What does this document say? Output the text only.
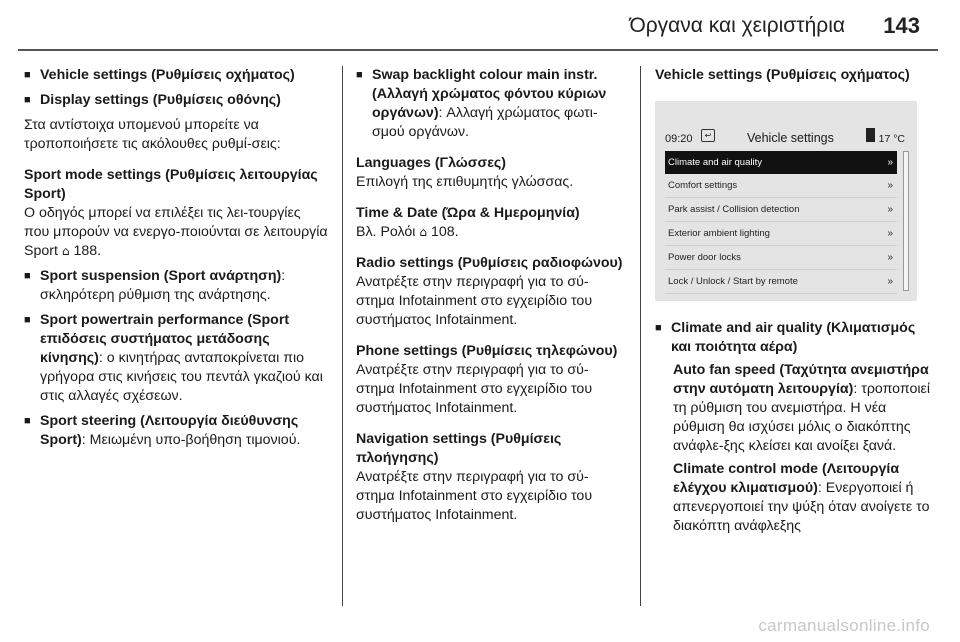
Όργανα και χειριστήρια 143
■ Vehicle settings (Ρυθμίσεις οχήματος)
■ Display settings (Ρυθμίσεις οθόνης)

Στα αντίστοιχα υπομενού μπορείτε να τροποποιήσετε τις ακόλουθες ρυθμί-σεις:

Sport mode settings (Ρυθμίσεις λειτουργίας Sport)

Ο οδηγός μπορεί να επιλέξει τις λει-τουργίες που μπορούν να ενεργο-ποιούνται σε λειτουργία Sport ⌂ 188.

■ Sport suspension (Sport ανάρτηση): σκληρότερη ρύθμιση της ανάρτησης.
■ Sport powertrain performance (Sport επιδόσεις συστήματος μετάδοσης κίνησης): ο κινητήρας ανταποκρίνεται πιο γρήγορα στις κινήσεις του πεντάλ γκαζιού και στις αλλαγές σχέσεων.
■ Sport steering (Λειτουργία διεύθυνσης Sport): Μειωμένη υπο-βοήθηση τιμονιού.
■ Swap backlight colour main instr. (Αλλαγή χρώματος φόντου κύριων οργάνων): Αλλαγή χρώματος φωτι-σμού οργάνων.

Languages (Γλώσσες)

Επιλογή της επιθυμητής γλώσσας.

Time & Date (Ώρα & Ημερομηνία)

Βλ. Ρολόι ⌂ 108.

Radio settings (Ρυθμίσεις ραδιοφώνου)

Ανατρέξτε στην περιγραφή για το σύ-στημα Infotainment στο εγχειρίδιο του συστήματος Infotainment.

Phone settings (Ρυθμίσεις τηλεφώνου)

Ανατρέξτε στην περιγραφή για το σύ-στημα Infotainment στο εγχειρίδιο του συστήματος Infotainment.

Navigation settings (Ρυθμίσεις πλοήγησης)

Ανατρέξτε στην περιγραφή για το σύ-στημα Infotainment στο εγχειρίδιο του συστήματος Infotainment.

Vehicle settings (Ρυθμίσεις οχήματος)

09:20	↩	Vehicle settings	17 °C
Climate and air quality	»
Comfort settings	»
Park assist / Collision detection	»
Exterior ambient lighting	»
Power door locks	»
Lock / Unlock / Start by remote	»
■ Climate and air quality (Κλιματισμός και ποιότητα αέρα)

Auto fan speed (Ταχύτητα ανεμιστήρα στην αυτόματη λειτουργία): τροποποιεί τη ρύθμιση του ανεμιστήρα. Η νέα ρύθμιση θα ισχύσει μόλις ο διακόπτης ανάφλε-ξης κλείσει και ανοίξει ξανά.

Climate control mode (Λειτουργία ελέγχου κλιματισμού): Ενεργοποιεί ή απενεργοποιεί την ψύξη όταν ανοίγετε το διακόπτη ανάφλεξης

carmanualsonline.info
